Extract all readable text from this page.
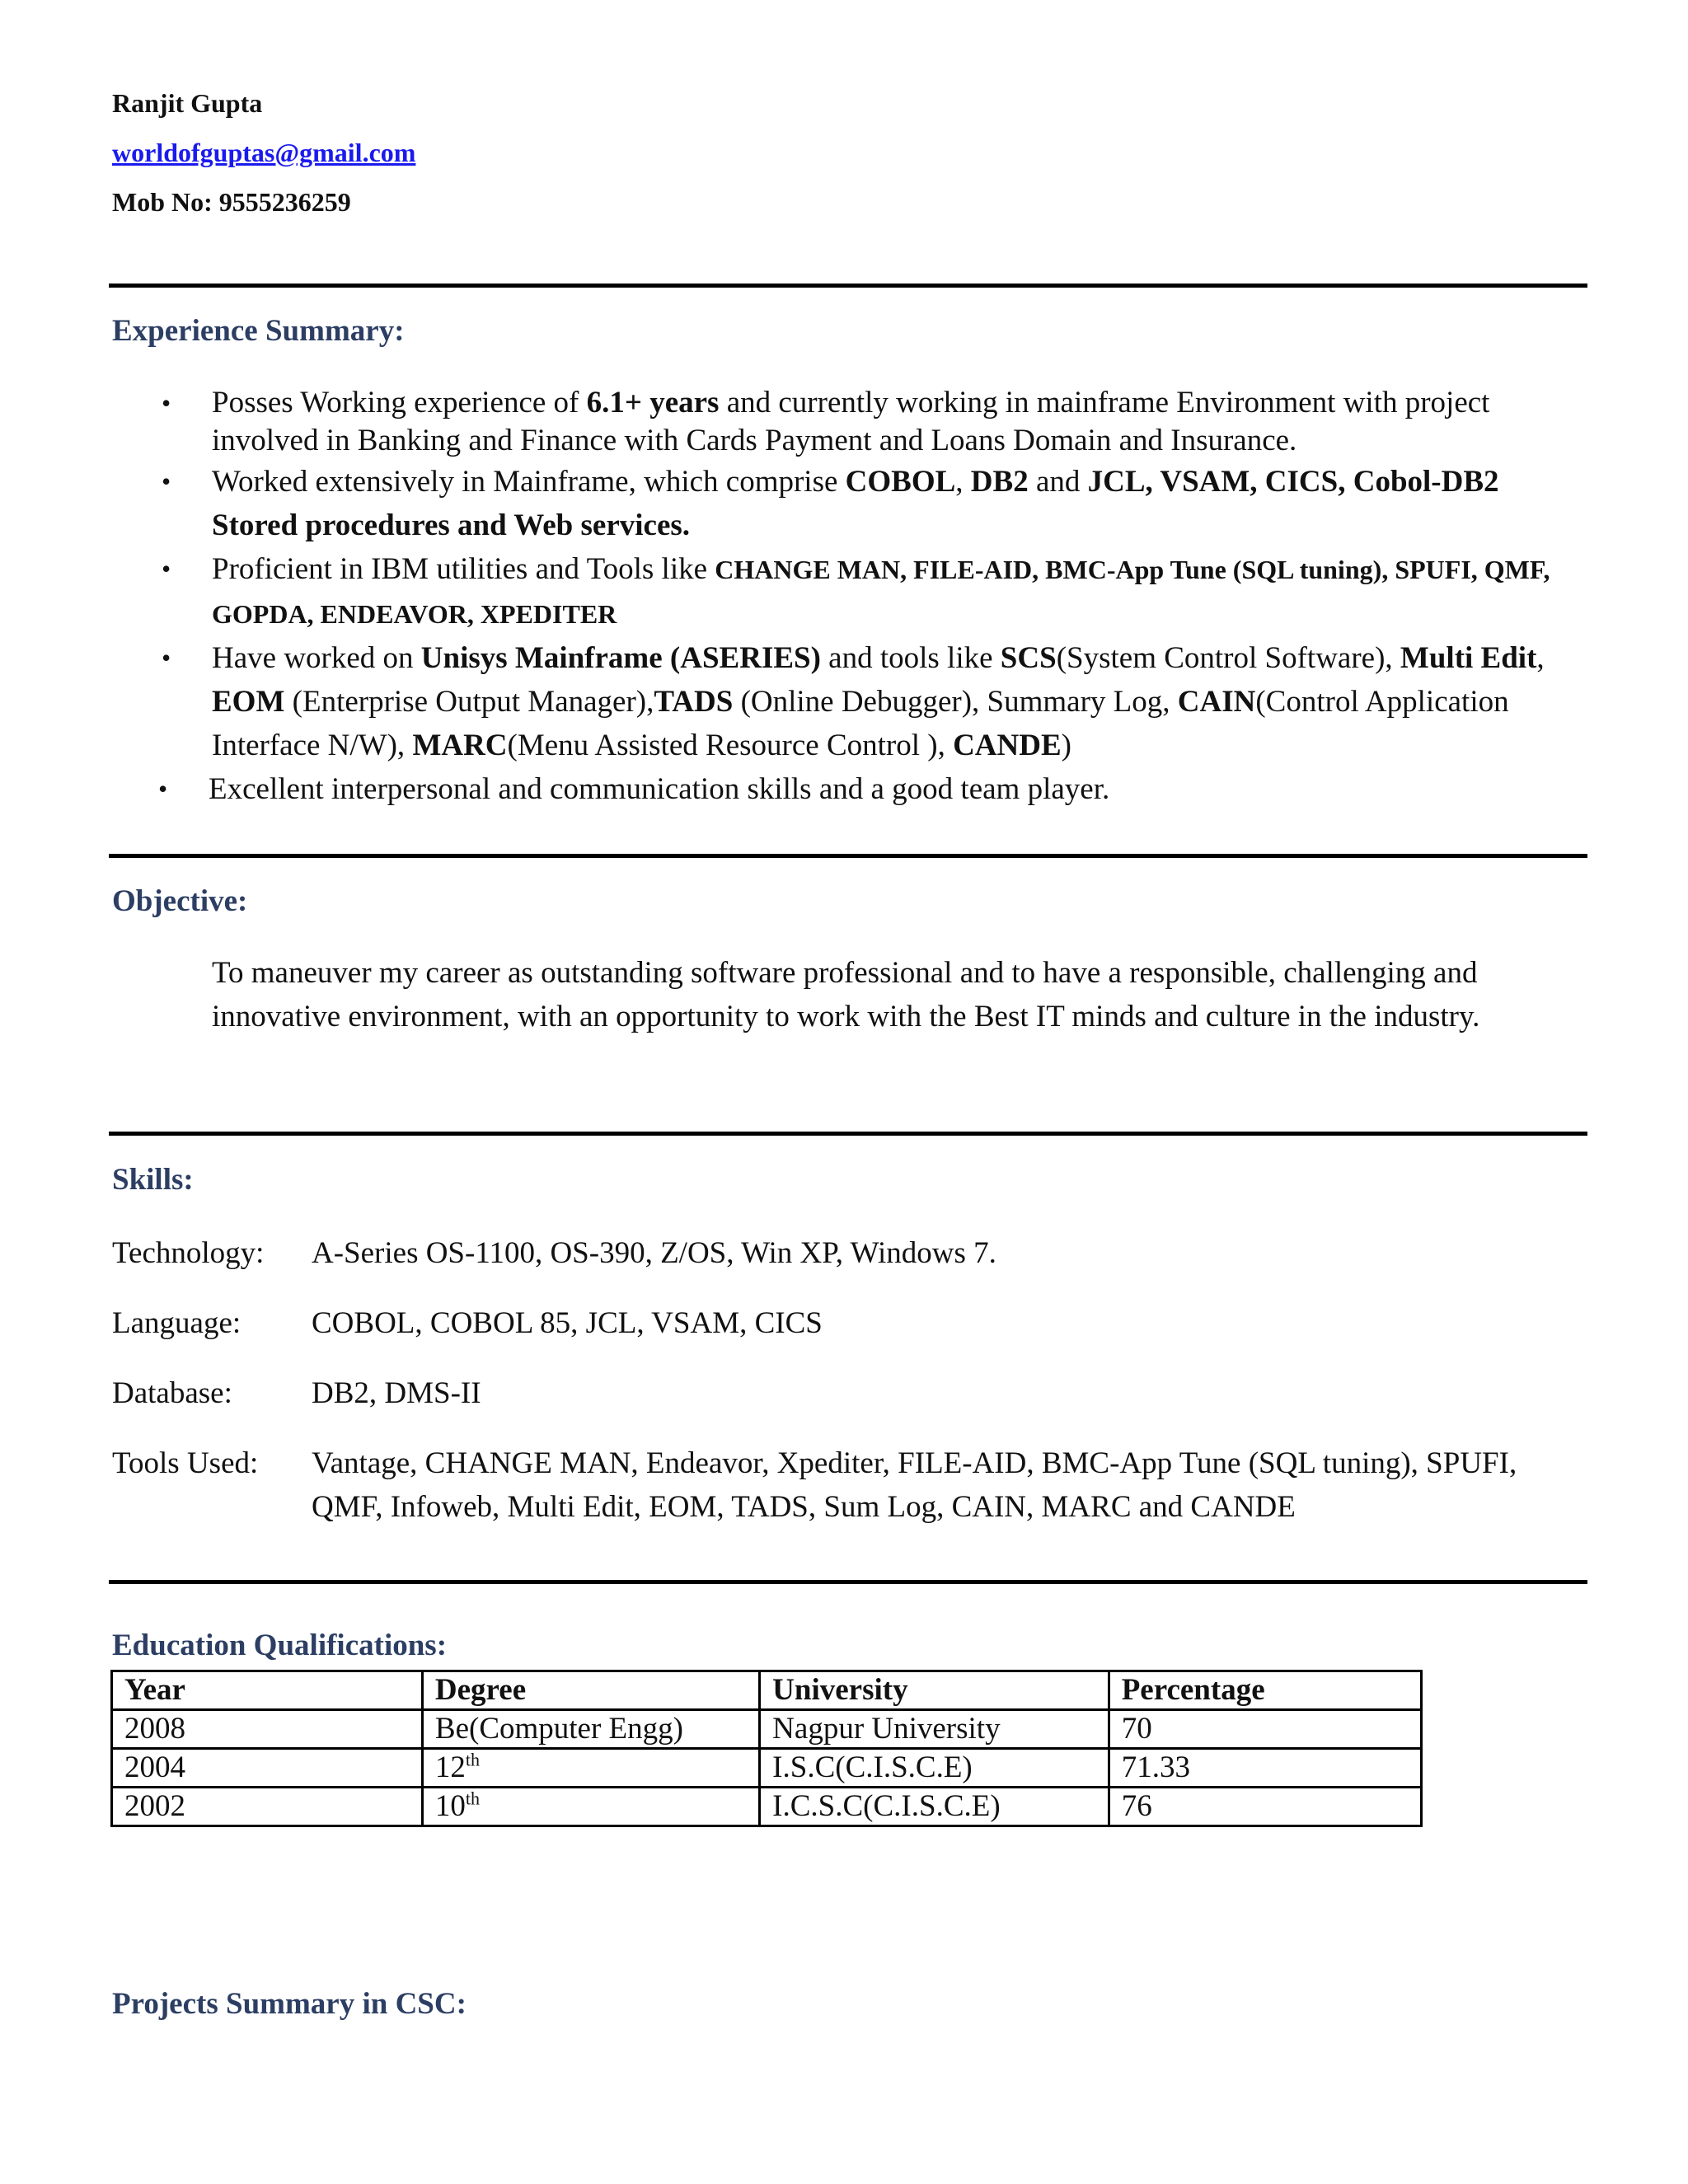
Ranjit Gupta
worldofguptas@gmail.com
Mob No: 9555236259
Experience Summary:
• Posses Working experience of 6.1+ years and currently working in mainframe Environment with project involved in Banking and Finance with Cards Payment and Loans Domain and Insurance.
• Worked extensively in Mainframe, which comprise COBOL, DB2 and JCL, VSAM, CICS, Cobol-DB2 Stored procedures and Web services.
• Proficient in IBM utilities and Tools like CHANGE MAN, FILE-AID, BMC-App Tune (SQL tuning), SPUFI, QMF, GOPDA, ENDEAVOR, XPEDITER
• Have worked on Unisys Mainframe (ASERIES) and tools like SCS(System Control Software), Multi Edit, EOM (Enterprise Output Manager),TADS (Online Debugger), Summary Log, CAIN(Control Application Interface N/W), MARC(Menu Assisted Resource Control ), CANDE)
• Excellent interpersonal and communication skills and a good team player.
Objective:
To maneuver my career as outstanding software professional and to have a responsible, challenging and innovative environment, with an opportunity to work with the Best IT minds and culture in the industry.
Skills:
Technology:	A-Series OS-1100, OS-390, Z/OS, Win XP, Windows 7.
Language:	COBOL, COBOL 85, JCL, VSAM, CICS
Database:	DB2, DMS-II
Tools Used:	Vantage, CHANGE MAN, Endeavor, Xpediter, FILE-AID, BMC-App Tune (SQL tuning), SPUFI, QMF, Infoweb, Multi Edit, EOM, TADS, Sum Log, CAIN, MARC and CANDE
Education Qualifications:
Year	Degree	University	Percentage
2008	Be(Computer Engg)	Nagpur University	70
2004	12th	I.S.C(C.I.S.C.E)	71.33
2002	10th	I.C.S.C(C.I.S.C.E)	76
Projects Summary in CSC:
